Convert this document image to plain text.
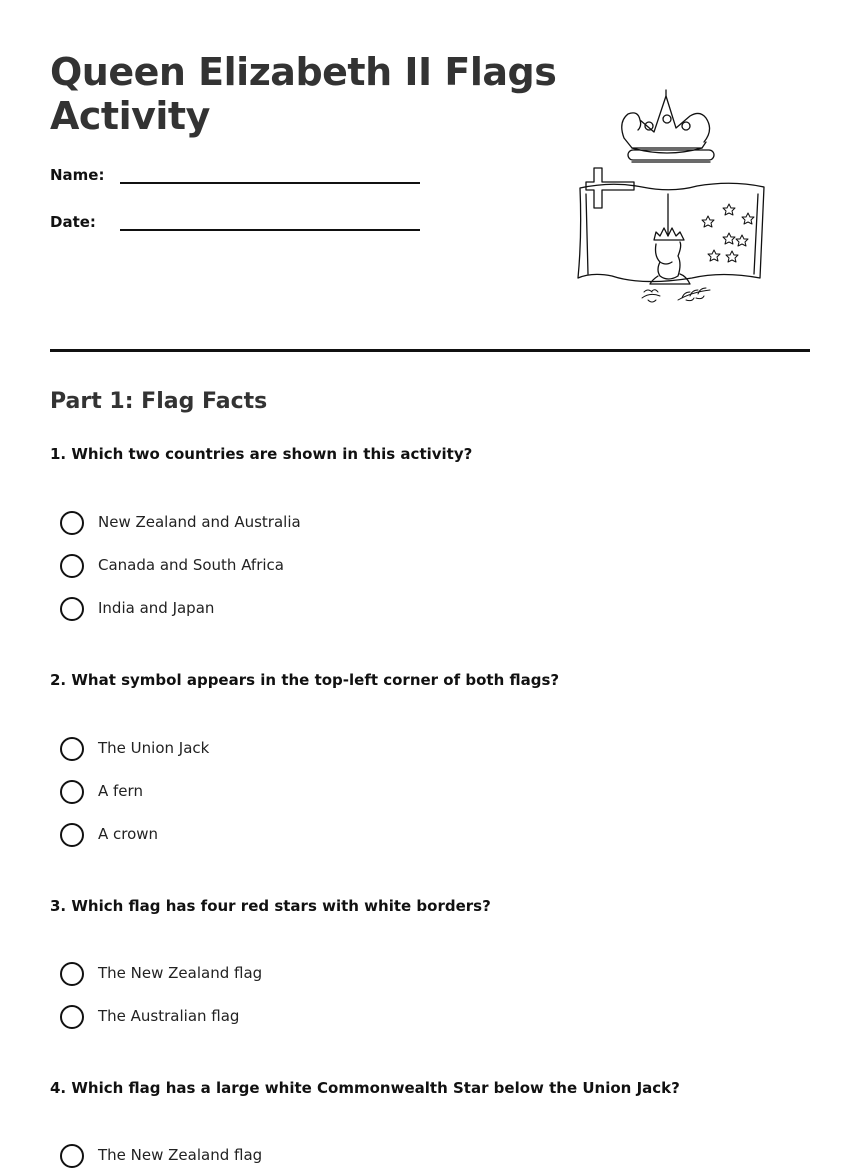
Queen Elizabeth II Flags Activity
Name:
Date:
Part 1: Flag Facts

1. Which two countries are shown in this activity?

New Zealand and Australia
Canada and South Africa
India and Japan

2. What symbol appears in the top-left corner of both flags?

The Union Jack
A fern
A crown

3. Which flag has four red stars with white borders?

The New Zealand flag
The Australian flag

4. Which flag has a large white Commonwealth Star below the Union Jack?

The New Zealand flag
